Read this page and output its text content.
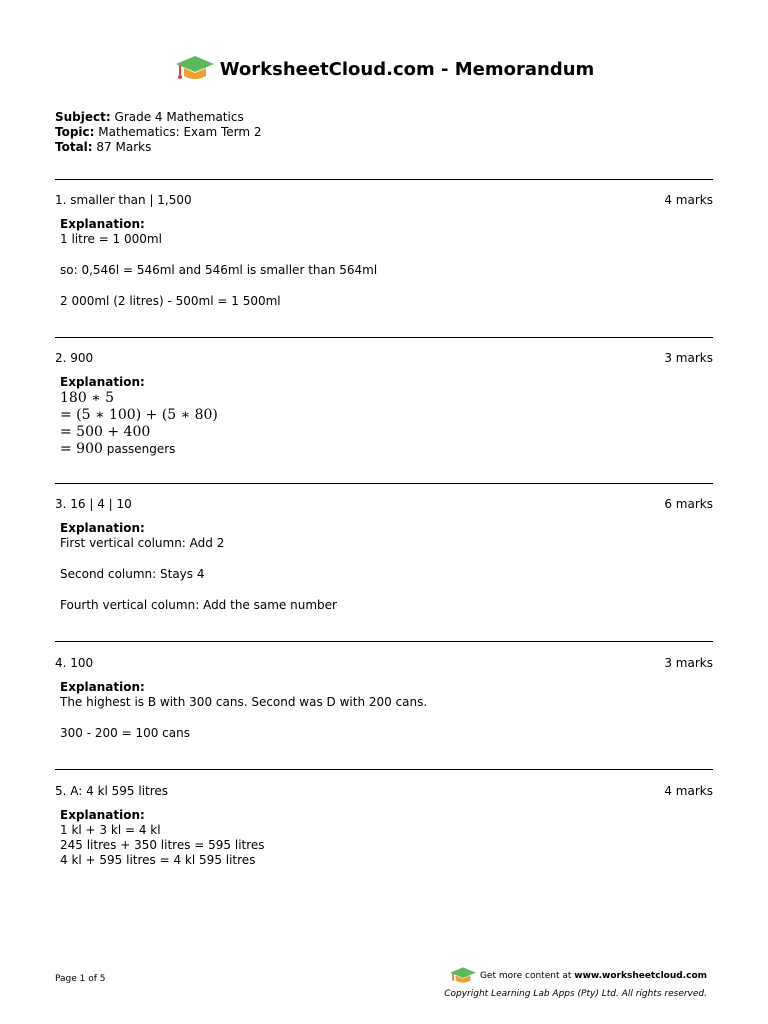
WorksheetCloud.com - Memorandum
Subject: Grade 4 Mathematics
Topic: Mathematics: Exam Term 2
Total: 87 Marks
1. smaller than | 1,500	4 marks
Explanation:

1 litre = 1 000ml

so: 0,546l = 546ml and 546ml is smaller than 564ml

2 000ml (2 litres) - 500ml = 1 500ml

2. 900	3 marks
Explanation:
180 ∗ 5
= (5 ∗ 100) + (5 ∗ 80)
= 500 + 400
= 900 passengers
3. 16 | 4 | 10	6 marks
Explanation:

First vertical column: Add 2

Second column: Stays 4

Fourth vertical column: Add the same number

4. 100	3 marks
Explanation:

The highest is B with 300 cans. Second was D with 200 cans.

300 - 200 = 100 cans

5. A: 4 kl 595 litres	4 marks
Explanation:

1 kl + 3 kl = 4 kl

245 litres + 350 litres = 595 litres

4 kl + 595 litres = 4 kl 595 litres

Page 1 of 5	Get more content at
www.worksheetcloud.com
Copyright Learning Lab Apps (Pty) Ltd. All rights reserved.
